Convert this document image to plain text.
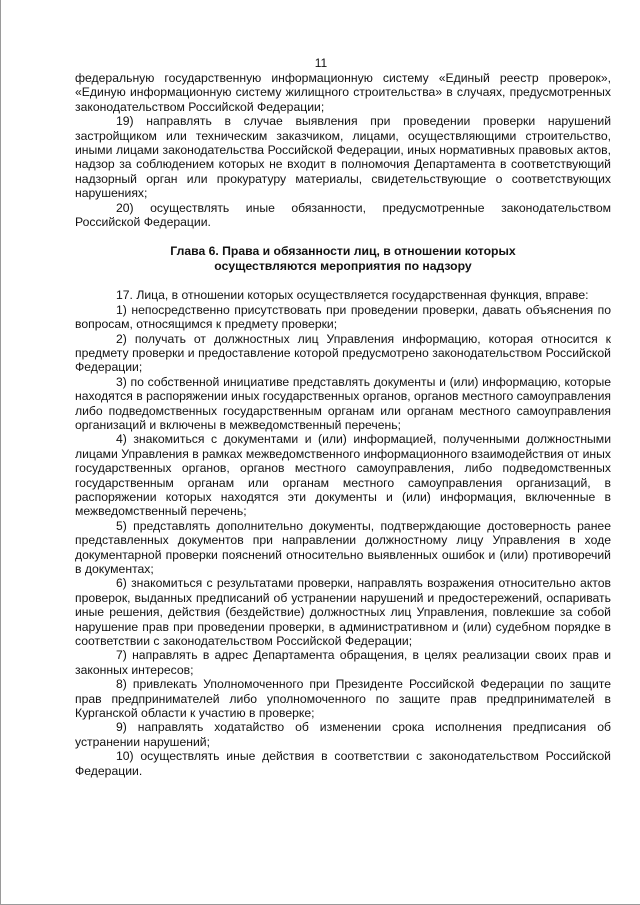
11

федеральную государственную информационную систему «Единый реестр проверок», «Единую информационную систему жилищного строительства» в случаях, предусмотренных законодательством Российской Федерации;

19) направлять в случае выявления при проведении проверки нарушений застройщиком или техническим заказчиком, лицами, осуществляющими строительство, иными лицами законодательства Российской Федерации, иных нормативных правовых актов, надзор за соблюдением которых не входит в полномочия Департамента в соответствующий надзорный орган или прокуратуру материалы, свидетельствующие о соответствующих нарушениях;

20) осуществлять иные обязанности, предусмотренные законодательством Российской Федерации.

Глава 6. Права и обязанности лиц, в отношении которых
осуществляются мероприятия по надзору

17. Лица, в отношении которых осуществляется государственная функция, вправе:

1) непосредственно присутствовать при проведении проверки, давать объяснения по вопросам, относящимся к предмету проверки;

2) получать от должностных лиц Управления информацию, которая относится к предмету проверки и предоставление которой предусмотрено законодательством Российской Федерации;

3) по собственной инициативе представлять документы и (или) информацию, которые находятся в распоряжении иных государственных органов, органов местного самоуправления либо подведомственных государственным органам или органам местного самоуправления организаций и включены в межведомственный перечень;

4) знакомиться с документами и (или) информацией, полученными должностными лицами Управления в рамках межведомственного информационного взаимодействия от иных государственных органов, органов местного самоуправления, либо подведомственных государственным органам или органам местного самоуправления организаций, в распоряжении которых находятся эти документы и (или) информация, включенные в межведомственный перечень;

5) представлять дополнительно документы, подтверждающие достоверность ранее представленных документов при направлении должностному лицу Управления в ходе документарной проверки пояснений относительно выявленных ошибок и (или) противоречий в документах;

6) знакомиться с результатами проверки, направлять возражения относительно актов проверок, выданных предписаний об устранении нарушений и предостережений, оспаривать иные решения, действия (бездействие) должностных лиц Управления, повлекшие за собой нарушение прав при проведении проверки, в административном и (или) судебном порядке в соответствии с законодательством Российской Федерации;

7) направлять в адрес Департамента обращения, в целях реализации своих прав и законных интересов;

8) привлекать Уполномоченного при Президенте Российской Федерации по защите прав предпринимателей либо уполномоченного по защите прав предпринимателей в Курганской области к участию в проверке;

9) направлять ходатайство об изменении срока исполнения предписания об устранении нарушений;

10) осуществлять иные действия в соответствии с законодательством Российской Федерации.
